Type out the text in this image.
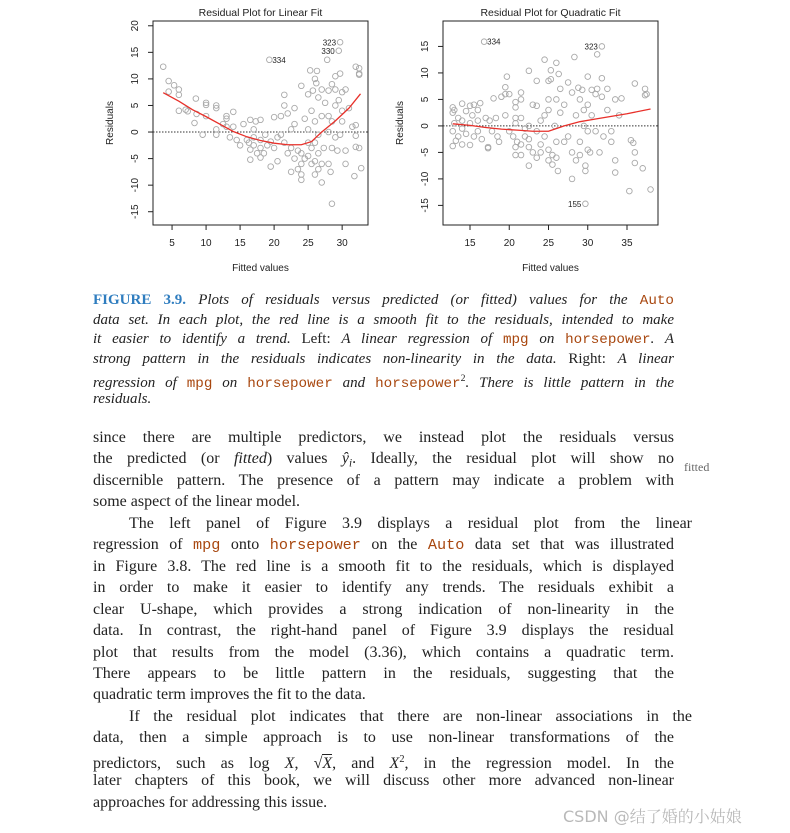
Residual Plot for Linear Fit
5	10 15 20 25 30
-15
-10
-5
0
5
10
15
20
Fitted values
Residuals
334
330
323
Residual Plot for Quadratic Fit
15	20	25	30	35
-15
-10
-5
0
5
10
15
Fitted values
Residuals
334
323
155
FIGURE 3.9. Plots of residuals versus predicted (or fitted) values for the Auto
data set. In each plot, the red line is a smooth fit to the residuals, intended to make
it easier to identify a trend. Left: A linear regression of mpg on horsepower. A
strong pattern in the residuals indicates non-linearity in the data. Right: A linear
regression of mpg on horsepower and horsepower$^2$. There is little pattern in the
residuals.
since there are multiple predictors, we instead plot the residuals versus
the predicted (or fitted) values $ŷ_i$. Ideally, the residual plot will show no
discernible pattern. The presence of a pattern may indicate a problem with
some aspect of the linear model.
The left panel of Figure 3.9 displays a residual plot from the linear
regression of mpg onto horsepower on the Auto data set that was illustrated
in Figure 3.8. The red line is a smooth fit to the residuals, which is displayed
in order to make it easier to identify any trends. The residuals exhibit a
clear U-shape, which provides a strong indication of non-linearity in the
data. In contrast, the right-hand panel of Figure 3.9 displays the residual
plot that results from the model (3.36), which contains a quadratic term.
There appears to be little pattern in the residuals, suggesting that the
quadratic term improves the fit to the data.
If the residual plot indicates that there are non-linear associations in the
data, then a simple approach is to use non-linear transformations of the
predictors, such as log X, √X, and $X^2$, in the regression model. In the
later chapters of this book, we will discuss other more advanced non-linear
approaches for addressing this issue.
fitted
CSDN @结了婚的小姑娘
